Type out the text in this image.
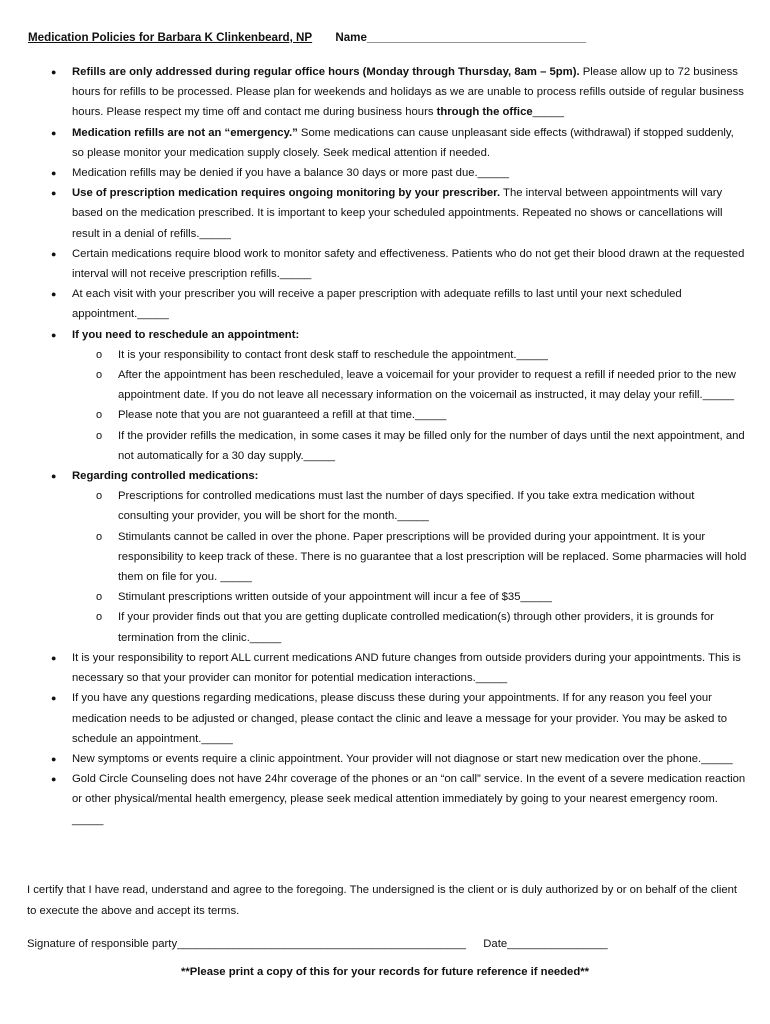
Medication Policies for Barbara K Clinkenbeard, NP Name__________________________________
● Refills are only addressed during regular office hours (Monday through Thursday, 8am – 5pm). Please allow up to 72 business hours for refills to be processed. Please plan for weekends and holidays as we are unable to process refills outside of regular business hours. Please respect my time off and contact me during business hours through the office_____
● Medication refills are not an “emergency.” Some medications can cause unpleasant side effects (withdrawal) if stopped suddenly, so please monitor your medication supply closely. Seek medical attention if needed.
● Medication refills may be denied if you have a balance 30 days or more past due._____
● Use of prescription medication requires ongoing monitoring by your prescriber. The interval between appointments will vary based on the medication prescribed. It is important to keep your scheduled appointments. Repeated no shows or cancellations will result in a denial of refills._____
● Certain medications require blood work to monitor safety and effectiveness. Patients who do not get their blood drawn at the requested interval will not receive prescription refills._____
● At each visit with your prescriber you will receive a paper prescription with adequate refills to last until your next scheduled appointment._____
● If you need to reschedule an appointment:
o It is your responsibility to contact front desk staff to reschedule the appointment._____
o After the appointment has been rescheduled, leave a voicemail for your provider to request a refill if needed prior to the new appointment date. If you do not leave all necessary information on the voicemail as instructed, it may delay your refill._____
o Please note that you are not guaranteed a refill at that time._____
o If the provider refills the medication, in some cases it may be filled only for the number of days until the next appointment, and not automatically for a 30 day supply._____
● Regarding controlled medications:
o Prescriptions for controlled medications must last the number of days specified. If you take extra medication without consulting your provider, you will be short for the month._____
o Stimulants cannot be called in over the phone. Paper prescriptions will be provided during your appointment. It is your responsibility to keep track of these. There is no guarantee that a lost prescription will be replaced. Some pharmacies will hold them on file for you. _____
o Stimulant prescriptions written outside of your appointment will incur a fee of $35_____
o If your provider finds out that you are getting duplicate controlled medication(s) through other providers, it is grounds for termination from the clinic._____
● It is your responsibility to report ALL current medications AND future changes from outside providers during your appointments. This is necessary so that your provider can monitor for potential medication interactions._____
● If you have any questions regarding medications, please discuss these during your appointments. If for any reason you feel your medication needs to be adjusted or changed, please contact the clinic and leave a message for your provider. You may be asked to schedule an appointment._____
● New symptoms or events require a clinic appointment. Your provider will not diagnose or start new medication over the phone._____
● Gold Circle Counseling does not have 24hr coverage of the phones or an “on call” service. In the event of a severe medication reaction or other physical/mental health emergency, please seek medical attention immediately by going to your nearest emergency room. _____
I certify that I have read, understand and agree to the foregoing. The undersigned is the client or is duly authorized by or on behalf of the client to execute the above and accept its terms.
Signature of responsible party______________________________________________ Date________________
**Please print a copy of this for your records for future reference if needed**
